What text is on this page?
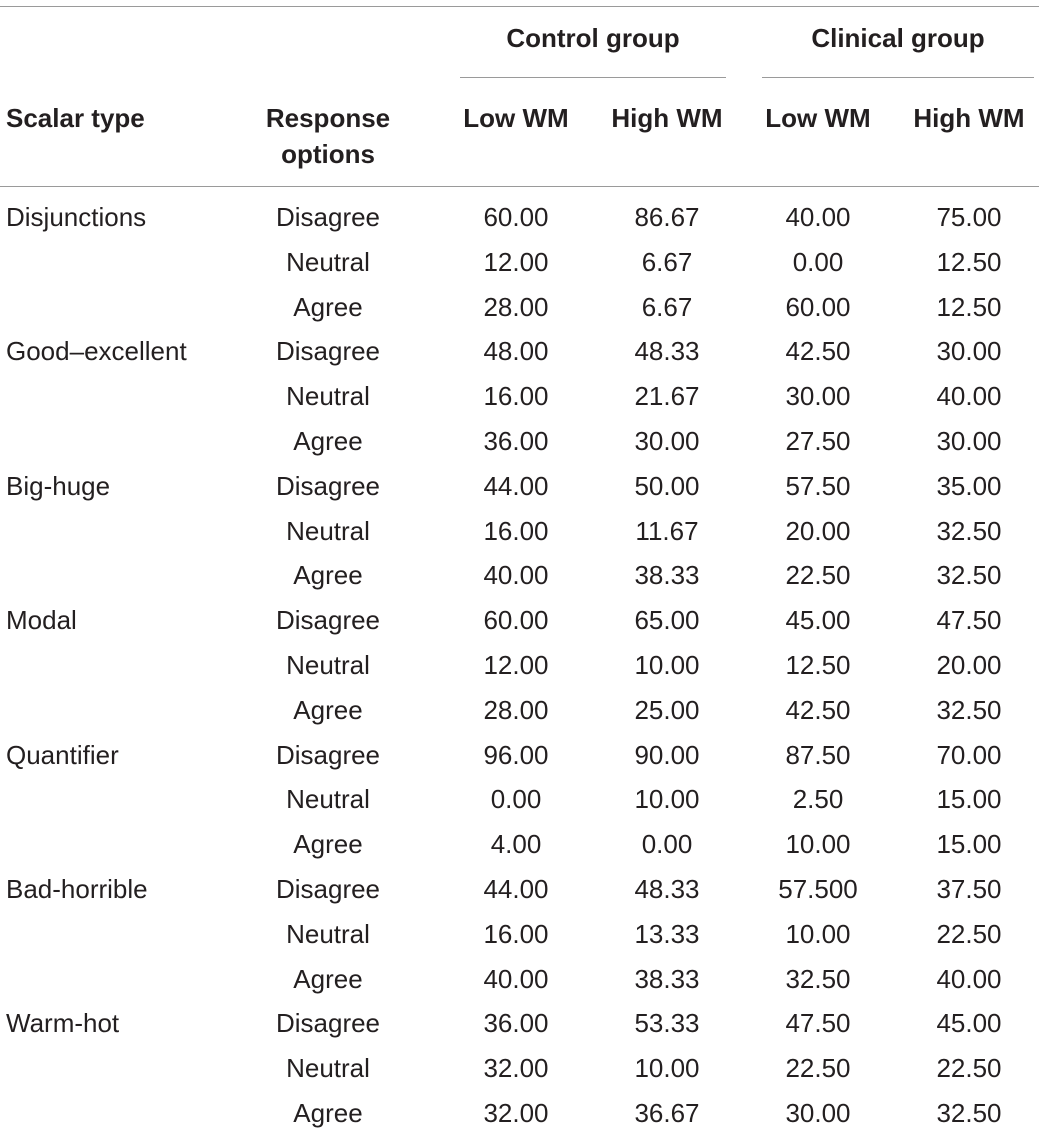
Control group	Clinical group
Scalar type	Response
options
Low WM	High WM	Low WM	High WM
Disjunctions	Disagree	60.00	86.67	40.00	75.00
Neutral	12.00	6.67	0.00	12.50
Agree	28.00	6.67	60.00	12.50
Good–excellent	Disagree	48.00	48.33	42.50	30.00
Neutral	16.00	21.67	30.00	40.00
Agree	36.00	30.00	27.50	30.00
Big-huge	Disagree	44.00	50.00	57.50	35.00
Neutral	16.00	11.67	20.00	32.50
Agree	40.00	38.33	22.50	32.50
Modal	Disagree	60.00	65.00	45.00	47.50
Neutral	12.00	10.00	12.50	20.00
Agree	28.00	25.00	42.50	32.50
Quantifier	Disagree	96.00	90.00	87.50	70.00
Neutral	0.00	10.00	2.50	15.00
Agree	4.00	0.00	10.00	15.00
Bad-horrible	Disagree	44.00	48.33	57.500	37.50
Neutral	16.00	13.33	10.00	22.50
Agree	40.00	38.33	32.50	40.00
Warm-hot	Disagree	36.00	53.33	47.50	45.00
Neutral	32.00	10.00	22.50	22.50
Agree	32.00	36.67	30.00	32.50
